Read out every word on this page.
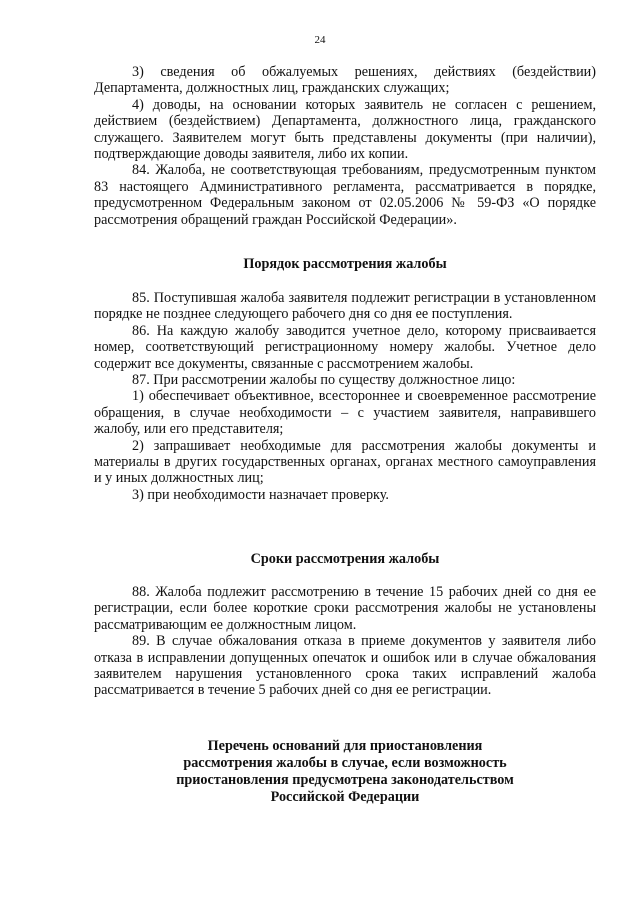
24

3) сведения об обжалуемых решениях, действиях (бездействии) Департамента, должностных лиц, гражданских служащих;

4) доводы, на основании которых заявитель не согласен с решением, действием (бездействием) Департамента, должностного лица, гражданского служащего. Заявителем могут быть представлены документы (при наличии), подтверждающие доводы заявителя, либо их копии.

84. Жалоба, не соответствующая требованиям, предусмотренным пунктом 83 настоящего Административного регламента, рассматривается в порядке, предусмотренном Федеральным законом от 02.05.2006 № 59-ФЗ «О порядке рассмотрения обращений граждан Российской Федерации».

Порядок рассмотрения жалобы

85. Поступившая жалоба заявителя подлежит регистрации в установленном порядке не позднее следующего рабочего дня со дня ее поступления.

86. На каждую жалобу заводится учетное дело, которому присваивается номер, соответствующий регистрационному номеру жалобы. Учетное дело содержит все документы, связанные с рассмотрением жалобы.

87. При рассмотрении жалобы по существу должностное лицо:

1) обеспечивает объективное, всестороннее и своевременное рассмотрение обращения, в случае необходимости – с участием заявителя, направившего жалобу, или его представителя;

2) запрашивает необходимые для рассмотрения жалобы документы и материалы в других государственных органах, органах местного самоуправления и у иных должностных лиц;

3) при необходимости назначает проверку.

Сроки рассмотрения жалобы

88. Жалоба подлежит рассмотрению в течение 15 рабочих дней со дня ее регистрации, если более короткие сроки рассмотрения жалобы не установлены рассматривающим ее должностным лицом.

89. В случае обжалования отказа в приеме документов у заявителя либо отказа в исправлении допущенных опечаток и ошибок или в случае обжалования заявителем нарушения установленного срока таких исправлений жалоба рассматривается в течение 5 рабочих дней со дня ее регистрации.

Перечень оснований для приостановления
рассмотрения жалобы в случае, если возможность
приостановления предусмотрена законодательством
Российской Федерации
